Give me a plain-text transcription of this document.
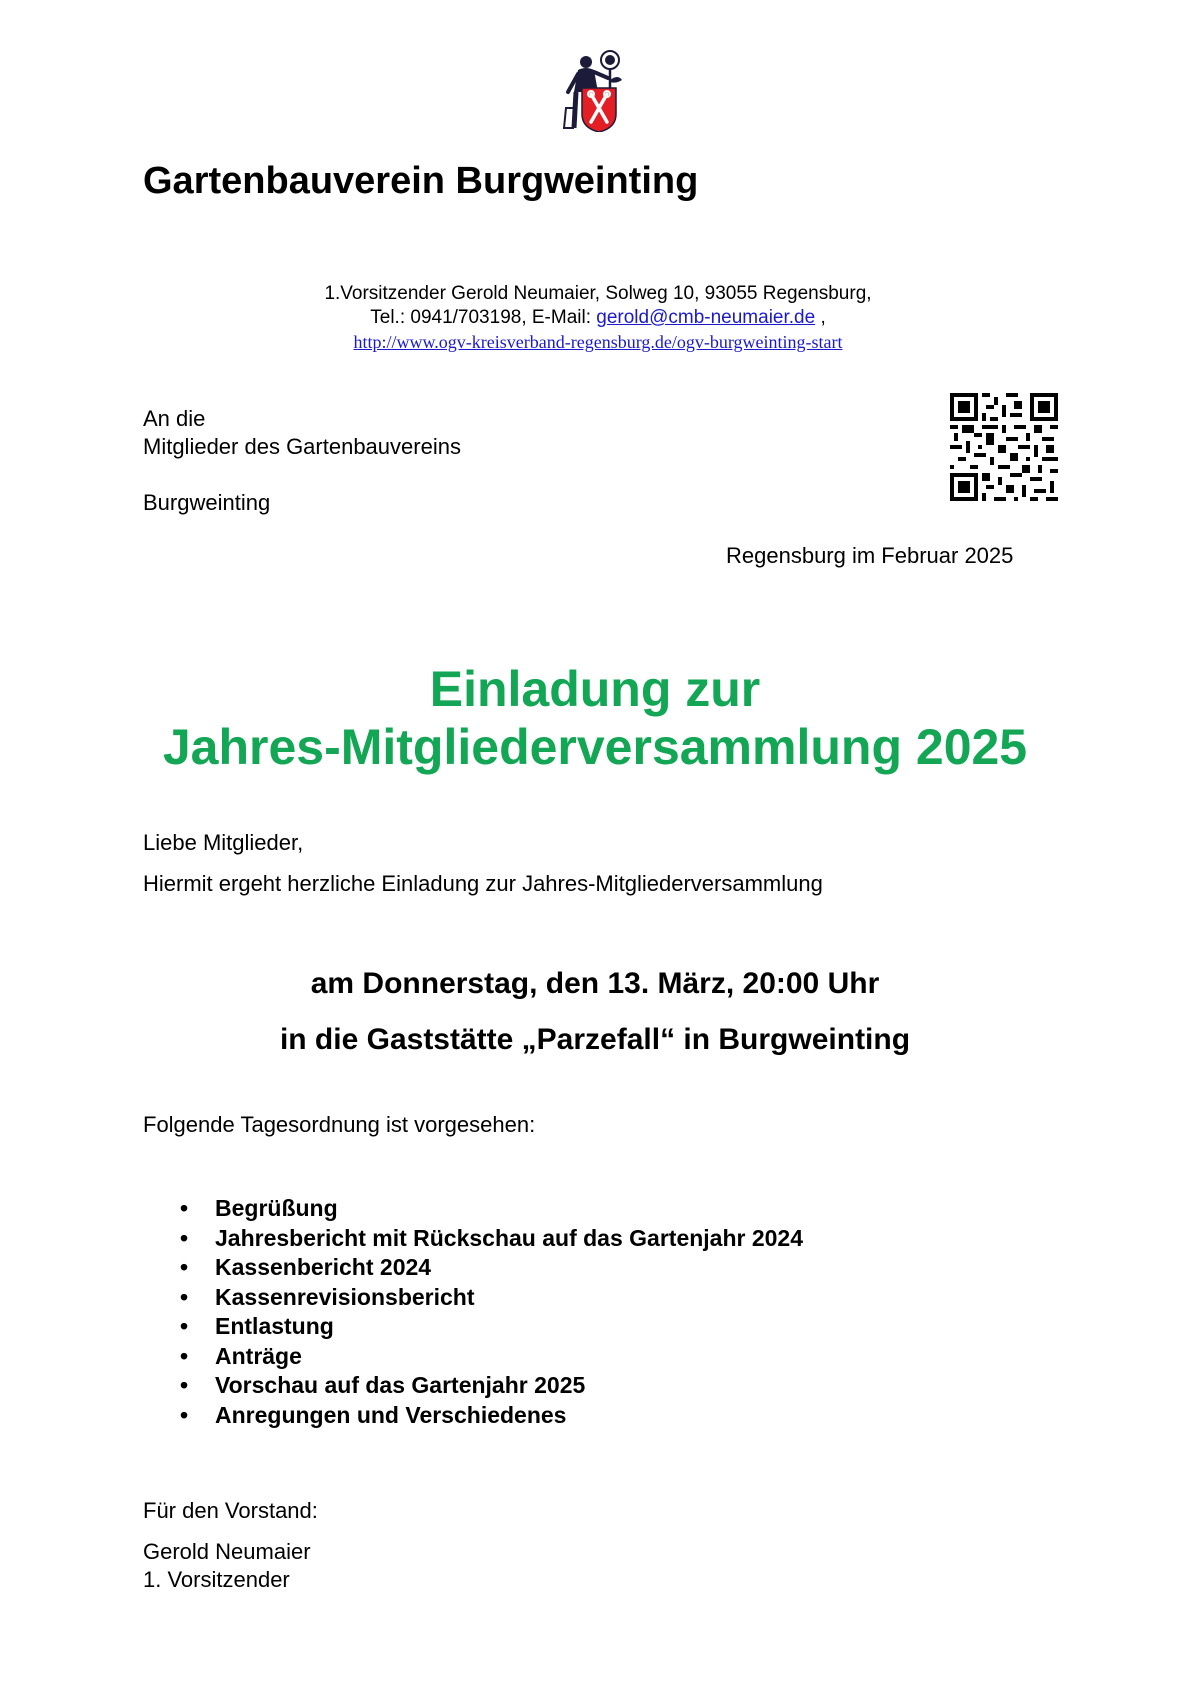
Gartenbauverein Burgweinting
1.Vorsitzender Gerold Neumaier, Solweg 10, 93055 Regensburg,
Tel.: 0941/703198, E-Mail: gerold@cmb-neumaier.de ,
http://www.ogv-kreisverband-regensburg.de/ogv-burgweinting-start
An die
Mitglieder des Gartenbauvereins
Burgweinting
Regensburg im Februar 2025
Einladung zur
Jahres-Mitgliederversammlung 2025
Liebe Mitglieder,
Hiermit ergeht herzliche Einladung zur Jahres-Mitgliederversammlung
am Donnerstag, den 13. März, 20:00 Uhr
in die Gaststätte „Parzefall“ in Burgweinting
Folgende Tagesordnung ist vorgesehen:
• Begrüßung
• Jahresbericht mit Rückschau auf das Gartenjahr 2024
• Kassenbericht 2024
• Kassenrevisionsbericht
• Entlastung
• Anträge
• Vorschau auf das Gartenjahr 2025
• Anregungen und Verschiedenes
Für den Vorstand:
Gerold Neumaier
1. Vorsitzender
